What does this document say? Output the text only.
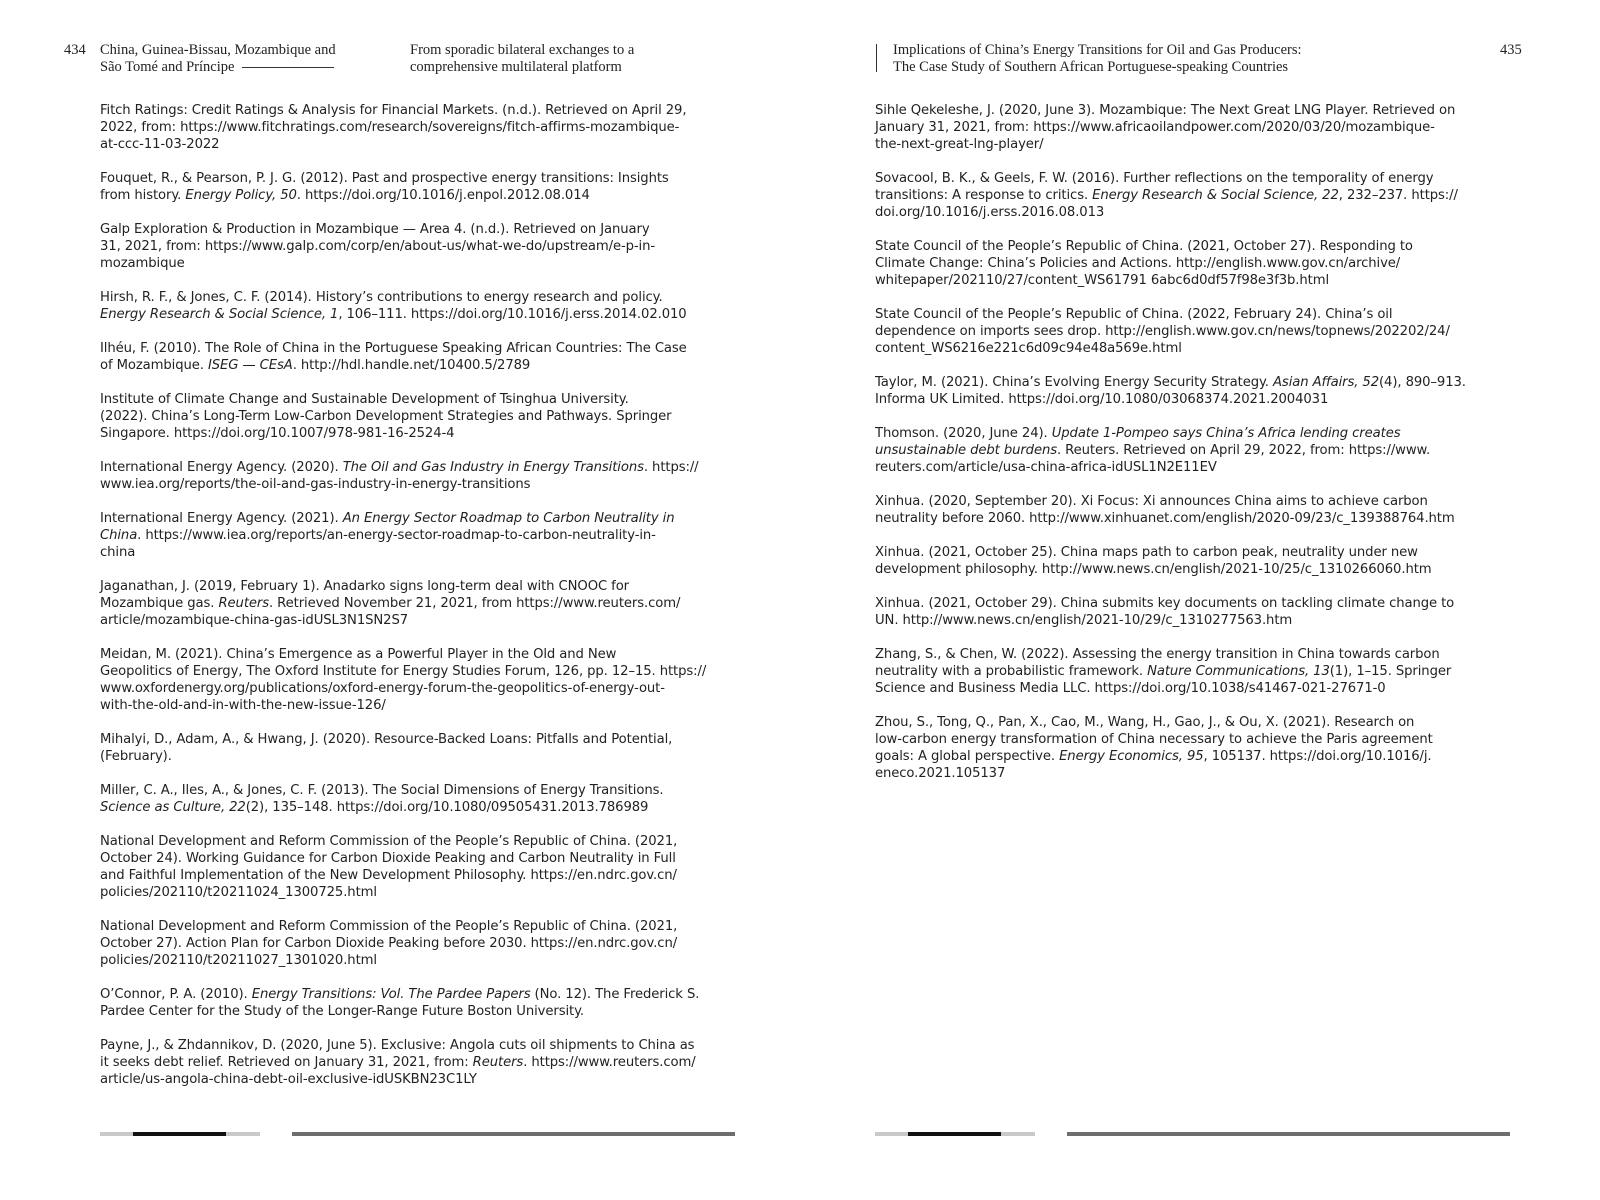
434 China, Guinea-Bissau, Mozambique and
São Tomé and Príncipe
From sporadic bilateral exchanges to a
comprehensive multilateral platform
Fitch Ratings: Credit Ratings & Analysis for Financial Markets. (n.d.). Retrieved on April 29,
2022, from: https://www.fitchratings.com/research/sovereigns/fitch-affirms-mozambique-
at-ccc-11-03-2022
Fouquet, R., & Pearson, P. J. G. (2012). Past and prospective energy transitions: Insights
from history. Energy Policy, 50. https://doi.org/10.1016/j.enpol.2012.08.014
Galp Exploration & Production in Mozambique — Area 4. (n.d.). Retrieved on January
31, 2021, from: https://www.galp.com/corp/en/about-us/what-we-do/upstream/e-p-in-
mozambique
Hirsh, R. F., & Jones, C. F. (2014). History’s contributions to energy research and policy.
Energy Research & Social Science, 1, 106–111. https://doi.org/10.1016/j.erss.2014.02.010
Ilhéu, F. (2010). The Role of China in the Portuguese Speaking African Countries: The Case
of Mozambique. ISEG — CEsA. http://hdl.handle.net/10400.5/2789
Institute of Climate Change and Sustainable Development of Tsinghua University.
(2022). China’s Long-Term Low-Carbon Development Strategies and Pathways. Springer
Singapore. https://doi.org/10.1007/978-981-16-2524-4
International Energy Agency. (2020). The Oil and Gas Industry in Energy Transitions. https://
www.iea.org/reports/the-oil-and-gas-industry-in-energy-transitions
International Energy Agency. (2021). An Energy Sector Roadmap to Carbon Neutrality in
China. https://www.iea.org/reports/an-energy-sector-roadmap-to-carbon-neutrality-in-
china
Jaganathan, J. (2019, February 1). Anadarko signs long-term deal with CNOOC for
Mozambique gas. Reuters. Retrieved November 21, 2021, from https://www.reuters.com/
article/mozambique-china-gas-idUSL3N1SN2S7
Meidan, M. (2021). China’s Emergence as a Powerful Player in the Old and New
Geopolitics of Energy, The Oxford Institute for Energy Studies Forum, 126, pp. 12–15. https://
www.oxfordenergy.org/publications/oxford-energy-forum-the-geopolitics-of-energy-out-
with-the-old-and-in-with-the-new-issue-126/
Mihalyi, D., Adam, A., & Hwang, J. (2020). Resource-Backed Loans: Pitfalls and Potential,
(February).
Miller, C. A., Iles, A., & Jones, C. F. (2013). The Social Dimensions of Energy Transitions.
Science as Culture, 22(2), 135–148. https://doi.org/10.1080/09505431.2013.786989
National Development and Reform Commission of the People’s Republic of China. (2021,
October 24). Working Guidance for Carbon Dioxide Peaking and Carbon Neutrality in Full
and Faithful Implementation of the New Development Philosophy. https://en.ndrc.gov.cn/
policies/202110/t20211024_1300725.html
National Development and Reform Commission of the People’s Republic of China. (2021,
October 27). Action Plan for Carbon Dioxide Peaking before 2030. https://en.ndrc.gov.cn/
policies/202110/t20211027_1301020.html
O’Connor, P. A. (2010). Energy Transitions: Vol. The Pardee Papers (No. 12). The Frederick S.
Pardee Center for the Study of the Longer-Range Future Boston University.
Payne, J., & Zhdannikov, D. (2020, June 5). Exclusive: Angola cuts oil shipments to China as
it seeks debt relief. Retrieved on January 31, 2021, from: Reuters. https://www.reuters.com/
article/us-angola-china-debt-oil-exclusive-idUSKBN23C1LY
Implications of China’s Energy Transitions for Oil and Gas Producers:
The Case Study of Southern African Portuguese-speaking Countries
435
Sihle Qekeleshe, J. (2020, June 3). Mozambique: The Next Great LNG Player. Retrieved on
January 31, 2021, from: https://www.africaoilandpower.com/2020/03/20/mozambique-
the-next-great-lng-player/
Sovacool, B. K., & Geels, F. W. (2016). Further reflections on the temporality of energy
transitions: A response to critics. Energy Research & Social Science, 22, 232–237. https://
doi.org/10.1016/j.erss.2016.08.013
State Council of the People’s Republic of China. (2021, October 27). Responding to
Climate Change: China’s Policies and Actions. http://english.www.gov.cn/archive/
whitepaper/202110/27/content_WS61791 6abc6d0df57f98e3f3b.html
State Council of the People’s Republic of China. (2022, February 24). China’s oil
dependence on imports sees drop. http://english.www.gov.cn/news/topnews/202202/24/
content_WS6216e221c6d09c94e48a569e.html
Taylor, M. (2021). China’s Evolving Energy Security Strategy. Asian Affairs, 52(4), 890–913.
Informa UK Limited. https://doi.org/10.1080/03068374.2021.2004031
Thomson. (2020, June 24). Update 1-Pompeo says China’s Africa lending creates
unsustainable debt burdens. Reuters. Retrieved on April 29, 2022, from: https://www.
reuters.com/article/usa-china-africa-idUSL1N2E11EV
Xinhua. (2020, September 20). Xi Focus: Xi announces China aims to achieve carbon
neutrality before 2060. http://www.xinhuanet.com/english/2020-09/23/c_139388764.htm
Xinhua. (2021, October 25). China maps path to carbon peak, neutrality under new
development philosophy. http://www.news.cn/english/2021-10/25/c_1310266060.htm
Xinhua. (2021, October 29). China submits key documents on tackling climate change to
UN. http://www.news.cn/english/2021-10/29/c_1310277563.htm
Zhang, S., & Chen, W. (2022). Assessing the energy transition in China towards carbon
neutrality with a probabilistic framework. Nature Communications, 13(1), 1–15. Springer
Science and Business Media LLC. https://doi.org/10.1038/s41467-021-27671-0
Zhou, S., Tong, Q., Pan, X., Cao, M., Wang, H., Gao, J., & Ou, X. (2021). Research on
low-carbon energy transformation of China necessary to achieve the Paris agreement
goals: A global perspective. Energy Economics, 95, 105137. https://doi.org/10.1016/j.
eneco.2021.105137
